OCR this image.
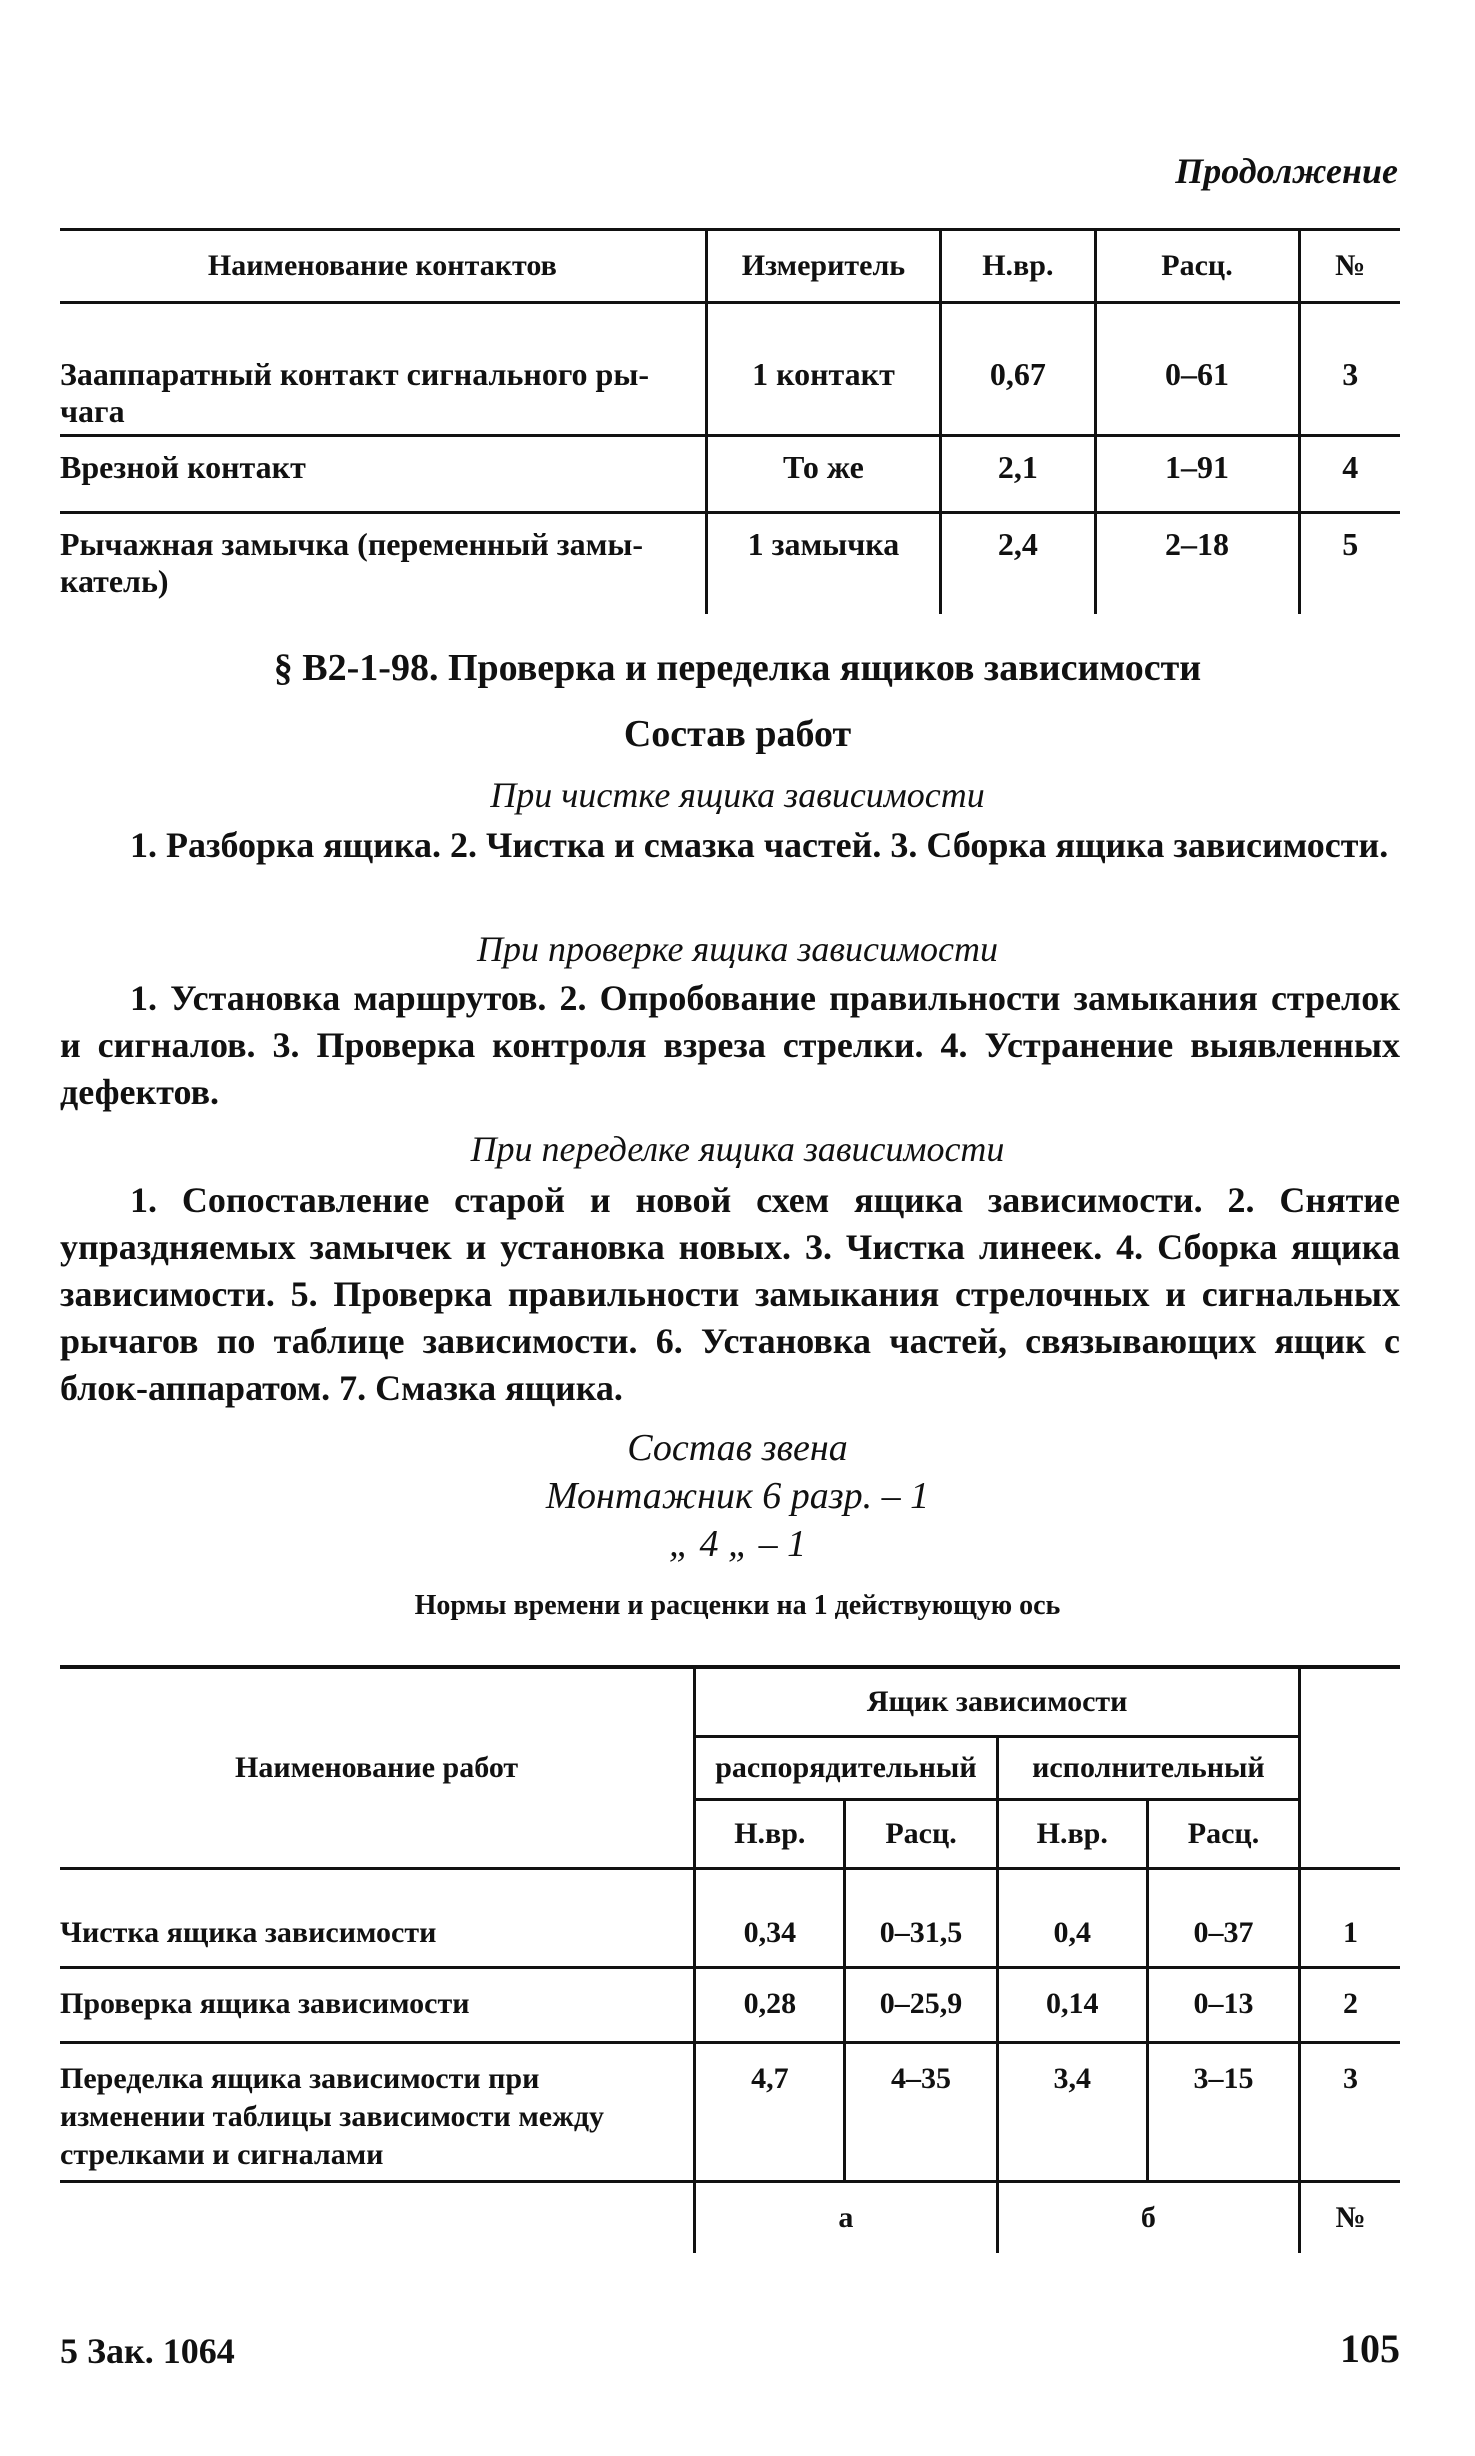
Продолжение
Наименование контактов	Измеритель	Н.вр.	Расц.	№

Зааппаратный контакт сигнального рычага	1 контакт	0,67	0–61	3
Врезной контакт	То же	2,1	1–91	4
Рычажная замычка (переменный замыкатель)	1 замычка	2,4	2–18	5
§ В2-1-98. Проверка и переделка ящиков зависимости
Состав работ
При чистке ящика зависимости
1. Разборка ящика. 2. Чистка и смазка частей. 3. Сборка ящика зависимости.
При проверке ящика зависимости
1. Установка маршрутов. 2. Опробование правильности замыкания стрелок и сигналов. 3. Проверка контроля взреза стрелки. 4. Устранение выявленных дефектов.
При переделке ящика зависимости
1. Сопоставление старой и новой схем ящика зависимости. 2. Снятие упраздняемых замычек и установка новых. 3. Чистка линеек. 4. Сборка ящика зависимости. 5. Проверка правильности замыкания стрелочных и сигнальных рычагов по таблице зависимости. 6. Установка частей, связывающих ящик с блок-аппаратом. 7. Смазка ящика.
Состав звена
Монтажник 6 разр. – 1
„ 4 „ – 1
Нормы времени и расценки на 1 действующую ось
Наименование работ	Ящик зависимости				
	распорядительный		исполнительный		
	Н.вр.	Расц.	Н.вр.	Расц.	
Чистка ящика зависимости	0,34	0–31,5	0,4	0–37	1
Проверка ящика зависимости	0,28	0–25,9	0,14	0–13	2
Переделка ящика зависимости при изменении таблицы зависимости между стрелками и сигналами	4,7	4–35	3,4	3–15	3
	а		б		№
5 Зак. 1064	105
